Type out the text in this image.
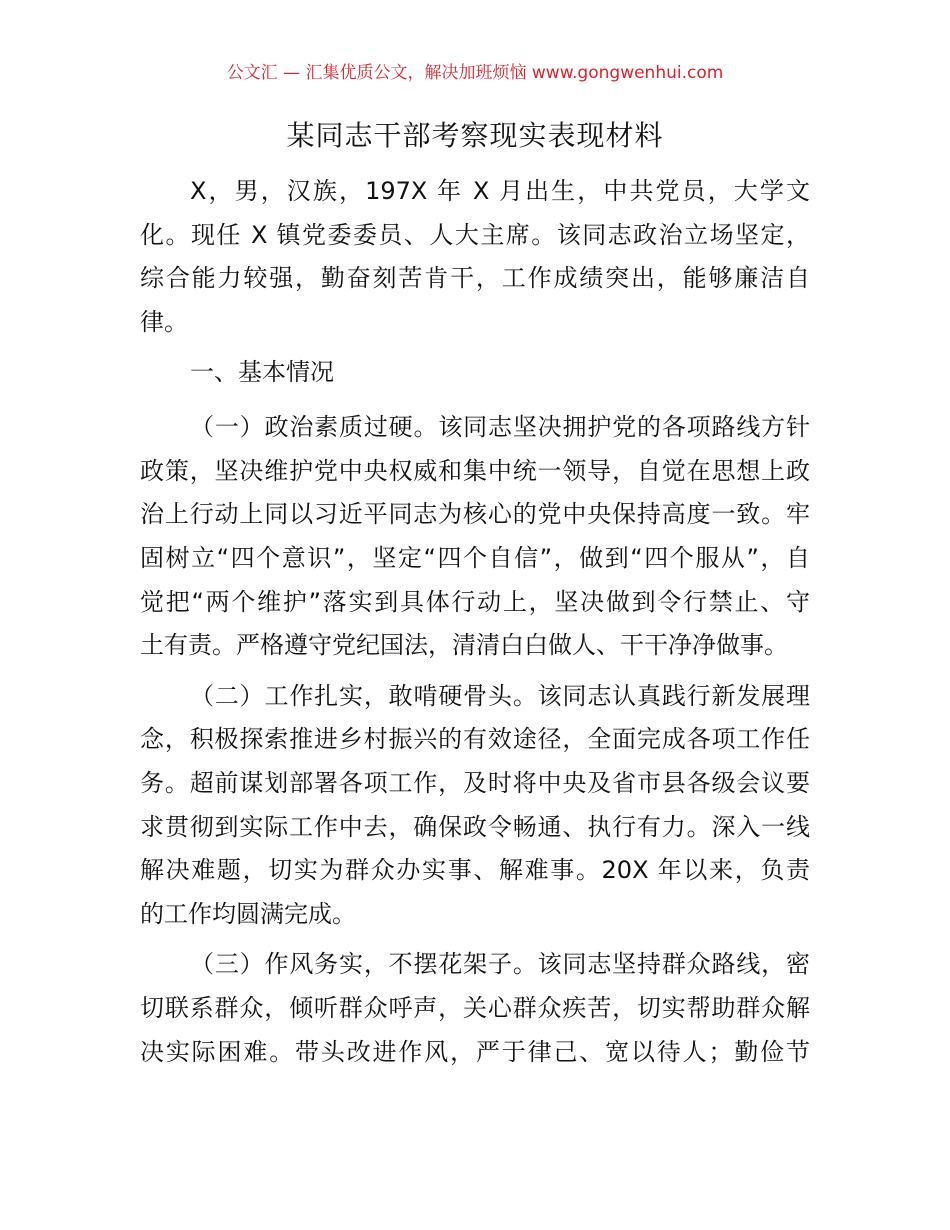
公文汇 — 汇集优质公文，解决加班烦恼 www.gongwenhui.com
某同志干部考察现实表现材料
X，男，汉族，197X 年 X 月出生，中共党员，大学文
化。现任 X 镇党委委员、人大主席。该同志政治立场坚定，
综合能力较强，勤奋刻苦肯干，工作成绩突出，能够廉洁自
律。
一、基本情况
（一）政治素质过硬。该同志坚决拥护党的各项路线方针
政策，坚决维护党中央权威和集中统一领导，自觉在思想上政
治上行动上同以习近平同志为核心的党中央保持高度一致。牢
固树立“四个意识”，坚定“四个自信”，做到“四个服从”，自
觉把“两个维护”落实到具体行动上，坚决做到令行禁止、守
土有责。严格遵守党纪国法，清清白白做人、干干净净做事。
（二）工作扎实，敢啃硬骨头。该同志认真践行新发展理
念，积极探索推进乡村振兴的有效途径，全面完成各项工作任
务。超前谋划部署各项工作，及时将中央及省市县各级会议要
求贯彻到实际工作中去，确保政令畅通、执行有力。深入一线
解决难题，切实为群众办实事、解难事。20X 年以来，负责
的工作均圆满完成。
（三）作风务实，不摆花架子。该同志坚持群众路线，密
切联系群众，倾听群众呼声，关心群众疾苦，切实帮助群众解
决实际困难。带头改进作风，严于律己、宽以待人；勤俭节
